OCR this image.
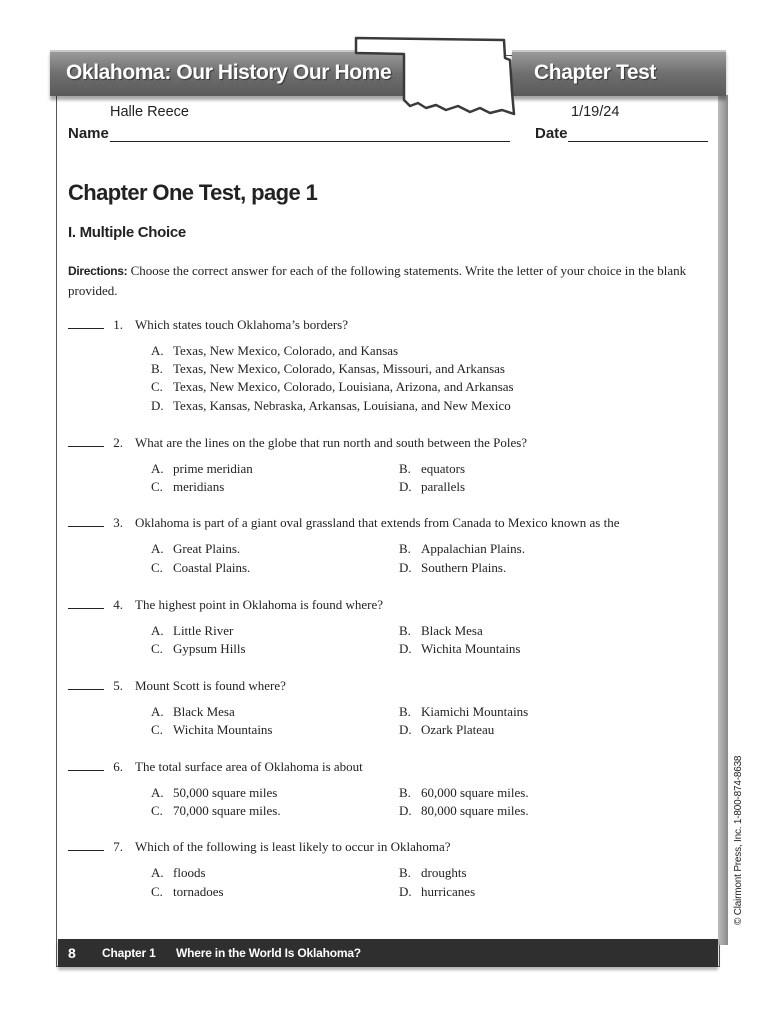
Oklahoma: Our History Our Home	Chapter Test
Halle Reece	1/19/24
Name	Date
Chapter One Test, page 1
I. Multiple Choice
Directions: Choose the correct answer for each of the following statements. Write the letter of your choice in the blank provided.
1. Which states touch Oklahoma’s borders?
A. Texas, New Mexico, Colorado, and Kansas
B. Texas, New Mexico, Colorado, Kansas, Missouri, and Arkansas
C. Texas, New Mexico, Colorado, Louisiana, Arizona, and Arkansas
D. Texas, Kansas, Nebraska, Arkansas, Louisiana, and New Mexico
2. What are the lines on the globe that run north and south between the Poles?
A. prime meridian	B. equators
C. meridians	D. parallels
3. Oklahoma is part of a giant oval grassland that extends from Canada to Mexico known as the
A. Great Plains.	B. Appalachian Plains.
C. Coastal Plains.	D. Southern Plains.
4. The highest point in Oklahoma is found where?
A. Little River	B. Black Mesa
C. Gypsum Hills	D. Wichita Mountains
5. Mount Scott is found where?
A. Black Mesa	B. Kiamichi Mountains
C. Wichita Mountains	D. Ozark Plateau
6. The total surface area of Oklahoma is about
A. 50,000 square miles	B. 60,000 square miles.
C. 70,000 square miles.	D. 80,000 square miles.
7. Which of the following is least likely to occur in Oklahoma?
A. floods	B. droughts
C. tornadoes	D. hurricanes	© Clairmont Press, Inc. 1-800-874-8638
8 Chapter 1 Where in the World Is Oklahoma?
